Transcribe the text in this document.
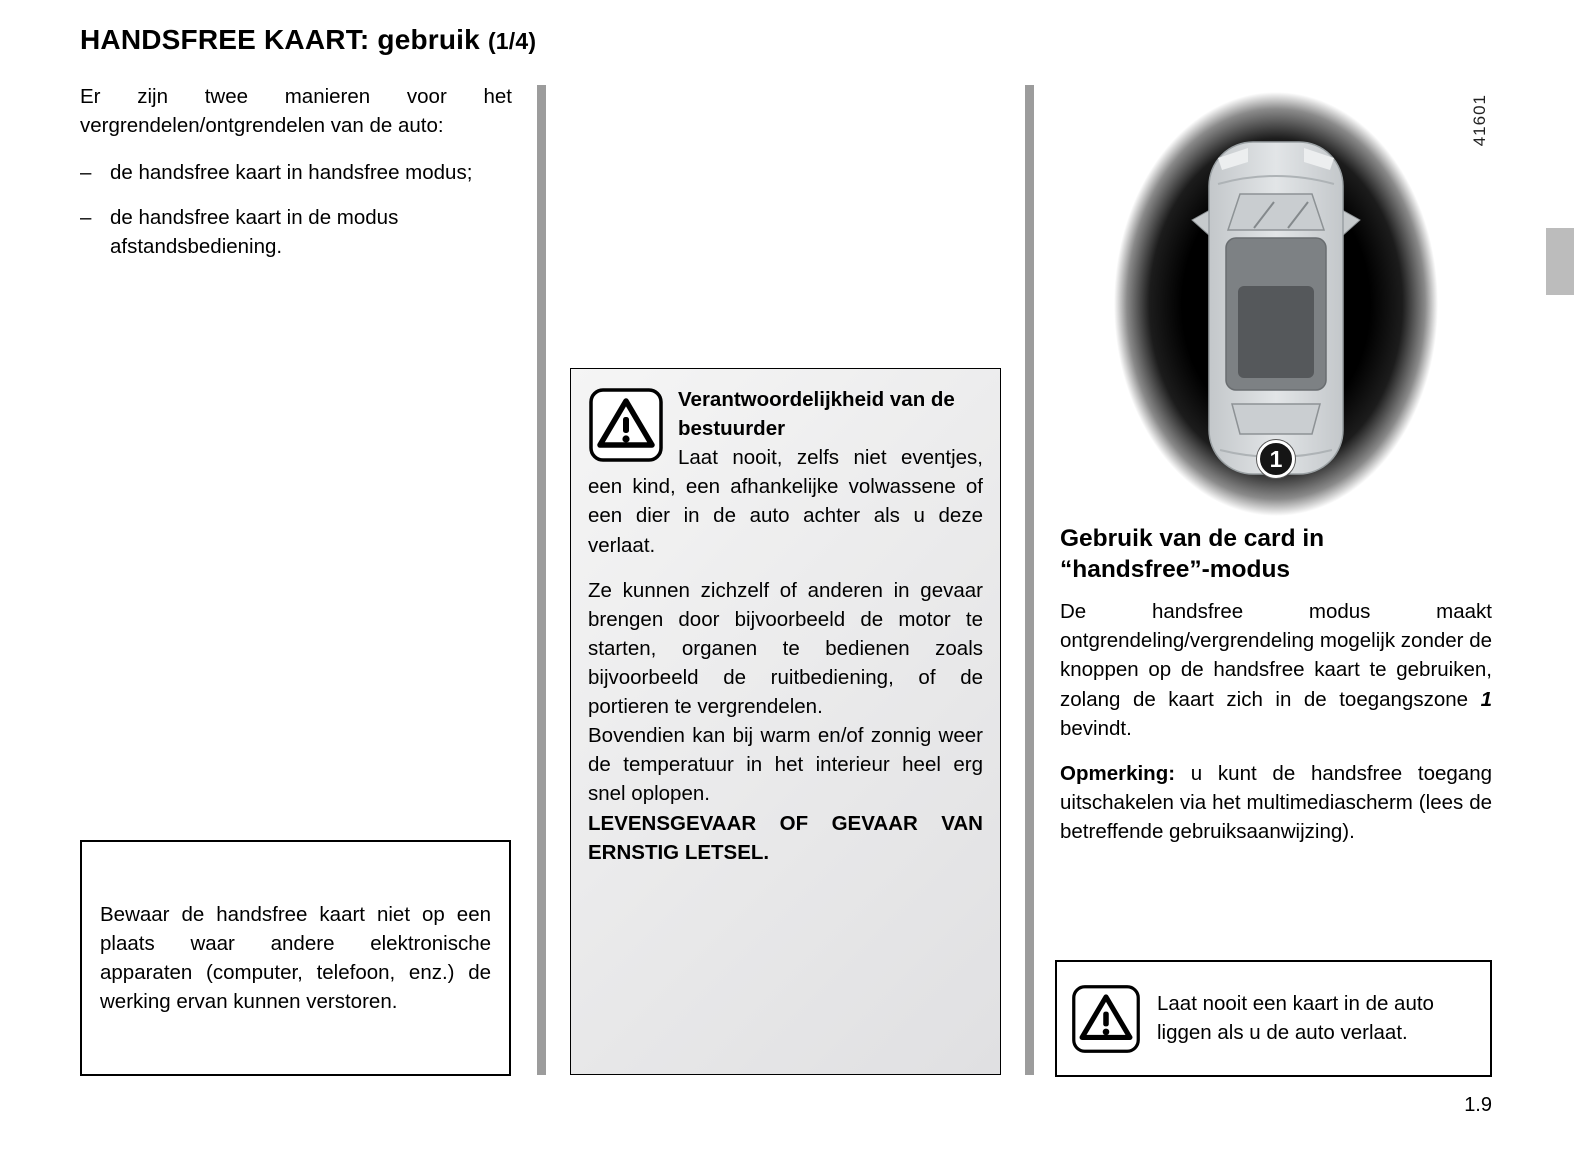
HANDSFREE KAART: gebruik (1/4)

Er zijn twee manieren voor het vergrendelen/ontgrendelen van de auto:

– de handsfree kaart in handsfree modus;
– de handsfree kaart in de modus afstandsbediening.

Bewaar de handsfree kaart niet op een plaats waar andere elektronische apparaten (computer, telefoon, enz.) de werking ervan kunnen verstoren.

Verantwoordelijkheid van de bestuurder

Laat nooit, zelfs niet eventjes, een kind, een afhankelijke volwassene of een dier in de auto achter als u deze verlaat.

Ze kunnen zichzelf of anderen in gevaar brengen door bijvoorbeeld de motor te starten, organen te bedienen zoals bijvoorbeeld de ruitbediening, of de portieren te vergrendelen.

Bovendien kan bij warm en/of zonnig weer de temperatuur in het interieur heel erg snel oplopen.

LEVENSGEVAAR OF GEVAAR VAN ERNSTIG LETSEL.

41601
1
Gebruik van de card in
“handsfree”-modus

De handsfree modus maakt ontgrendeling/vergrendeling mogelijk zonder de knoppen op de handsfree kaart te gebruiken, zolang de kaart zich in de toegangszone 1 bevindt.

Opmerking: u kunt de handsfree toegang uitschakelen via het multimediascherm (lees de betreffende gebruiksaanwijzing).

Laat nooit een kaart in de auto liggen als u de auto verlaat.

1.9
